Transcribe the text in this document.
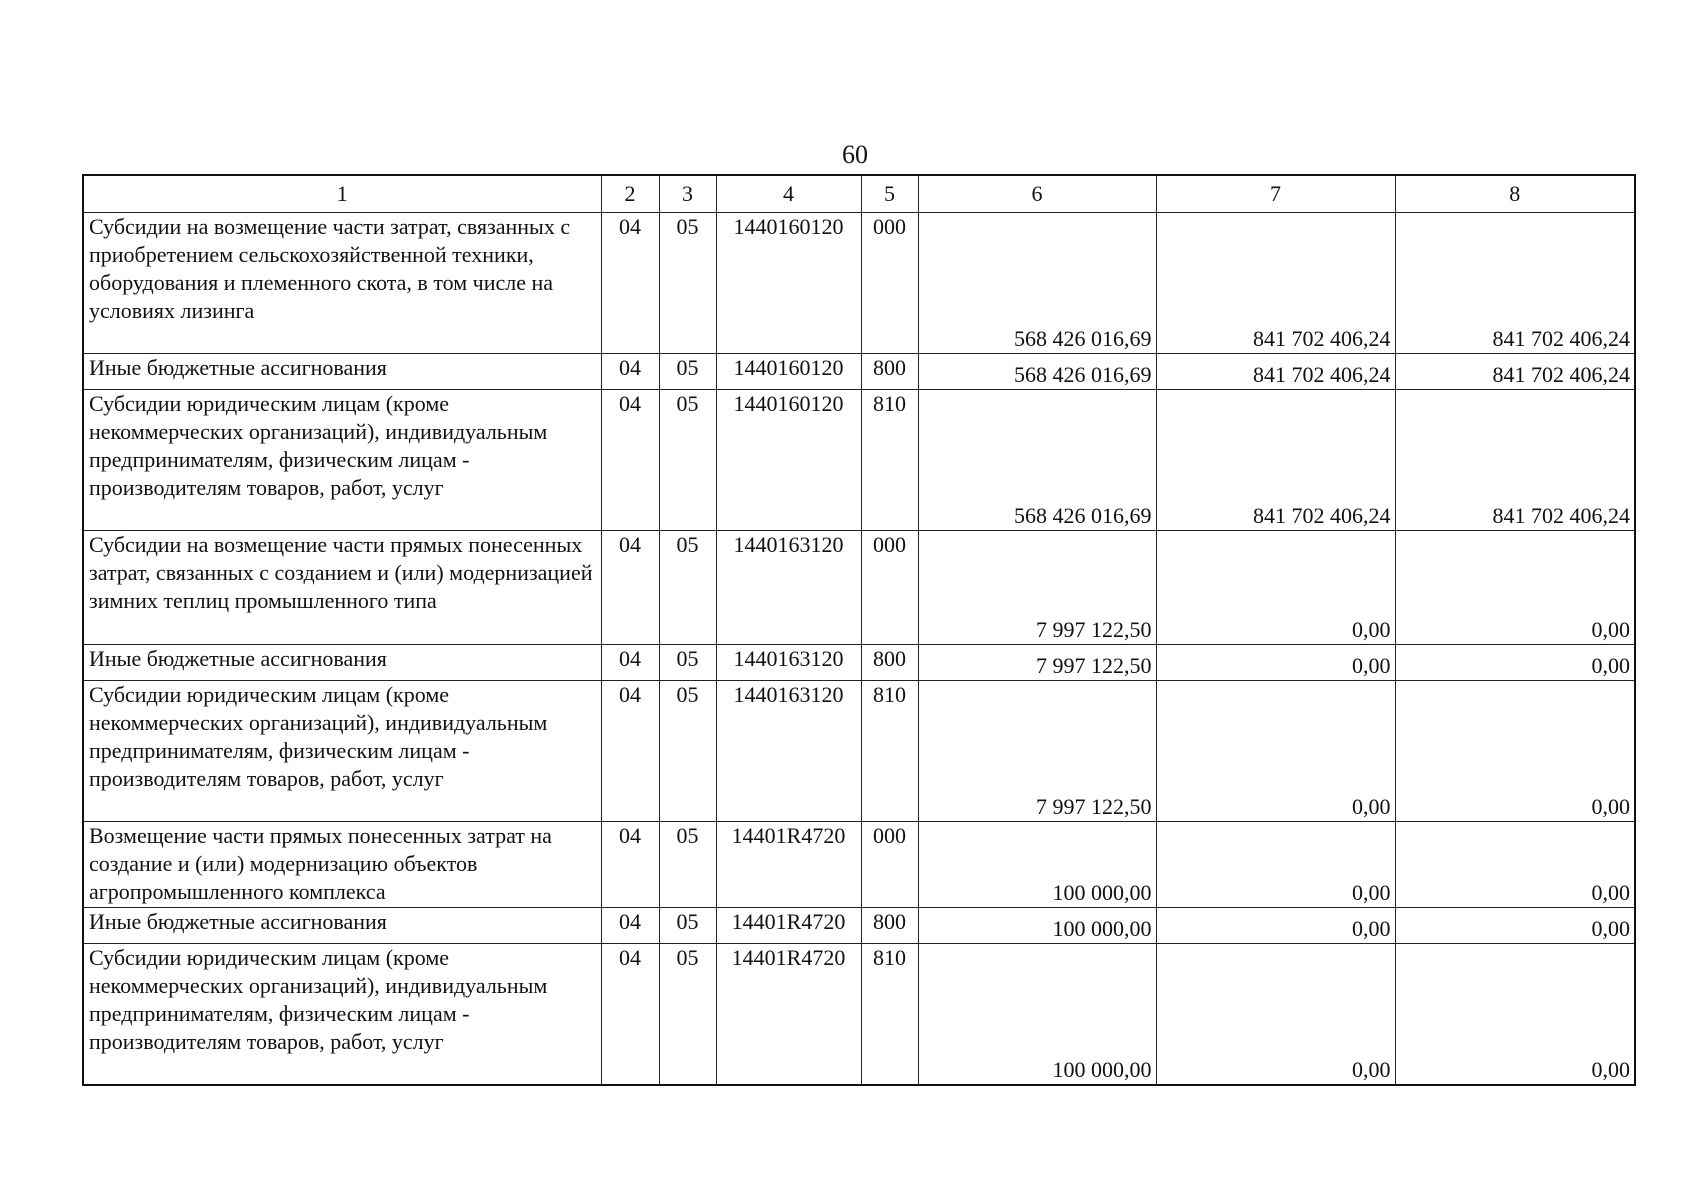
60
1	2	3	4	5	6	7	8
Субсидии на возмещение части затрат, связанных с приобретением сельскохозяйственной техники, оборудования и племенного скота, в том числе на условиях лизинга	04	05	1440160120	000	568 426 016,69	841 702 406,24	841 702 406,24
Иные бюджетные ассигнования	04	05	1440160120	800	568 426 016,69	841 702 406,24	841 702 406,24
Субсидии юридическим лицам (кроме некоммерческих организаций), индивидуальным предпринимателям, физическим лицам - производителям товаров, работ, услуг	04	05	1440160120	810	568 426 016,69	841 702 406,24	841 702 406,24
Субсидии на возмещение части прямых понесенных затрат, связанных с созданием и (или) модернизацией зимних теплиц промышленного типа	04	05	1440163120	000	7 997 122,50	0,00	0,00
Иные бюджетные ассигнования	04	05	1440163120	800	7 997 122,50	0,00	0,00
Субсидии юридическим лицам (кроме некоммерческих организаций), индивидуальным предпринимателям, физическим лицам - производителям товаров, работ, услуг	04	05	1440163120	810	7 997 122,50	0,00	0,00
Возмещение части прямых понесенных затрат на создание и (или) модернизацию объектов агропромышленного комплекса	04	05	14401R4720	000	100 000,00	0,00	0,00
Иные бюджетные ассигнования	04	05	14401R4720	800	100 000,00	0,00	0,00
Субсидии юридическим лицам (кроме некоммерческих организаций), индивидуальным предпринимателям, физическим лицам - производителям товаров, работ, услуг	04	05	14401R4720	810	100 000,00	0,00	0,00
